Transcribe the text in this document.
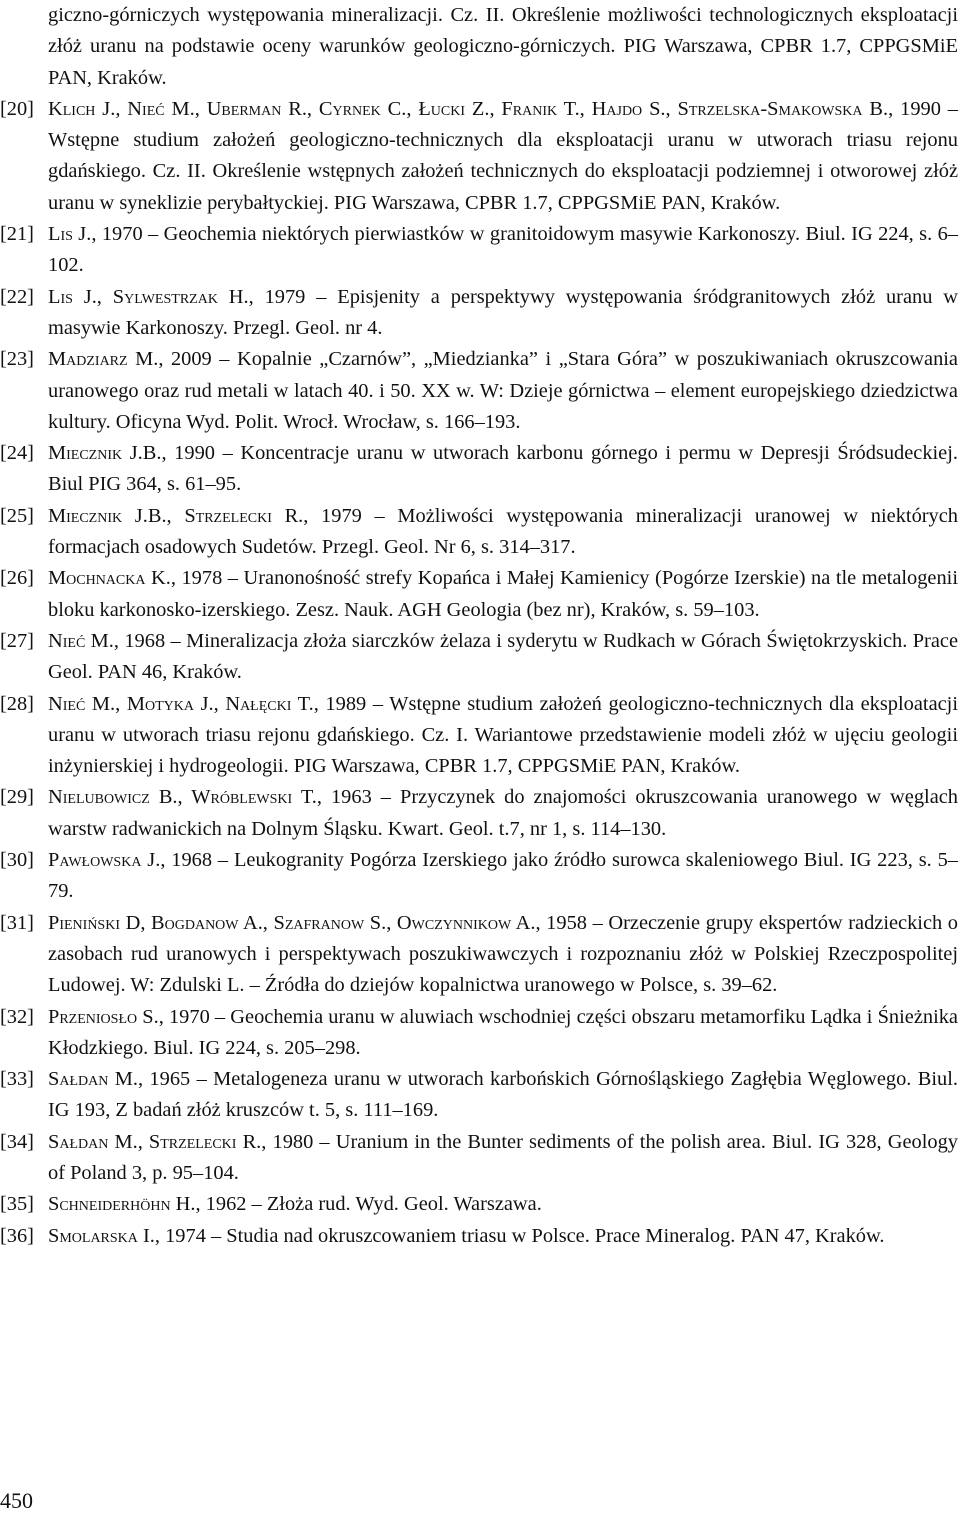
giczno-górniczych występowania mineralizacji. Cz. II. Określenie możliwości technologicznych eksploatacji złóż uranu na podstawie oceny warunków geologiczno-górniczych. PIG Warszawa, CPBR 1.7, CPPGSMiE PAN, Kraków.
[20] Klich J., Nieć M., Uberman R., Cyrnek C., Łucki Z., Franik T., Hajdo S., Strzelska-Smakowska B., 1990 – Wstępne studium założeń geologiczno-technicznych dla eksploatacji uranu w utworach triasu rejonu gdańskiego. Cz. II. Określenie wstępnych założeń technicznych do eksploatacji podziemnej i otworowej złóż uranu w syneklizie perybałtyckiej. PIG Warszawa, CPBR 1.7, CPPGSMiE PAN, Kraków.
[21] Lis J., 1970 – Geochemia niektórych pierwiastków w granitoidowym masywie Karkonoszy. Biul. IG 224, s. 6–102.
[22] Lis J., Sylwestrzak H., 1979 – Episjenity a perspektywy występowania śródgranitowych złóż uranu w masywie Karkonoszy. Przegl. Geol. nr 4.
[23] Madziarz M., 2009 – Kopalnie „Czarnów”, „Miedzianka” i „Stara Góra” w poszukiwaniach okruszcowania uranowego oraz rud metali w latach 40. i 50. XX w. W: Dzieje górnictwa – element europejskiego dziedzictwa kultury. Oficyna Wyd. Polit. Wrocł. Wrocław, s. 166–193.
[24] Miecznik J.B., 1990 – Koncentracje uranu w utworach karbonu górnego i permu w Depresji Śródsudeckiej. Biul PIG 364, s. 61–95.
[25] Miecznik J.B., Strzelecki R., 1979 – Możliwości występowania mineralizacji uranowej w niektórych formacjach osadowych Sudetów. Przegl. Geol. Nr 6, s. 314–317.
[26] Mochnacka K., 1978 – Uranonośność strefy Kopańca i Małej Kamienicy (Pogórze Izerskie) na tle metalogenii bloku karkonosko-izerskiego. Zesz. Nauk. AGH Geologia (bez nr), Kraków, s. 59–103.
[27] Nieć M., 1968 – Mineralizacja złoża siarczków żelaza i syderytu w Rudkach w Górach Świętokrzyskich. Prace Geol. PAN 46, Kraków.
[28] Nieć M., Motyka J., Nałęcki T., 1989 – Wstępne studium założeń geologiczno-technicznych dla eksploatacji uranu w utworach triasu rejonu gdańskiego. Cz. I. Wariantowe przedstawienie modeli złóż w ujęciu geologii inżynierskiej i hydrogeologii. PIG Warszawa, CPBR 1.7, CPPGSMiE PAN, Kraków.
[29] Nielubowicz B., Wróblewski T., 1963 – Przyczynek do znajomości okruszcowania uranowego w węglach warstw radwanickich na Dolnym Śląsku. Kwart. Geol. t.7, nr 1, s. 114–130.
[30] Pawłowska J., 1968 – Leukogranity Pogórza Izerskiego jako źródło surowca skaleniowego Biul. IG 223, s. 5–79.
[31] Pieniński D, Bogdanow A., Szafranow S., Owczynnikow A., 1958 – Orzeczenie grupy ekspertów radzieckich o zasobach rud uranowych i perspektywach poszukiwawczych i rozpoznaniu złóż w Polskiej Rzeczpospolitej Ludowej. W: Zdulski L. – Źródła do dziejów kopalnictwa uranowego w Polsce, s. 39–62.
[32] Przeniosło S., 1970 – Geochemia uranu w aluwiach wschodniej części obszaru metamorfiku Lądka i Śnieżnika Kłodzkiego. Biul. IG 224, s. 205–298.
[33] Sałdan M., 1965 – Metalogeneza uranu w utworach karbońskich Górnośląskiego Zagłębia Węglowego. Biul. IG 193, Z badań złóż kruszców t. 5, s. 111–169.
[34] Sałdan M., Strzelecki R., 1980 – Uranium in the Bunter sediments of the polish area. Biul. IG 328, Geology of Poland 3, p. 95–104.
[35] Schneiderhöhn H., 1962 – Złoża rud. Wyd. Geol. Warszawa.
[36] Smolarska I., 1974 – Studia nad okruszcowaniem triasu w Polsce. Prace Mineralog. PAN 47, Kraków.
450
